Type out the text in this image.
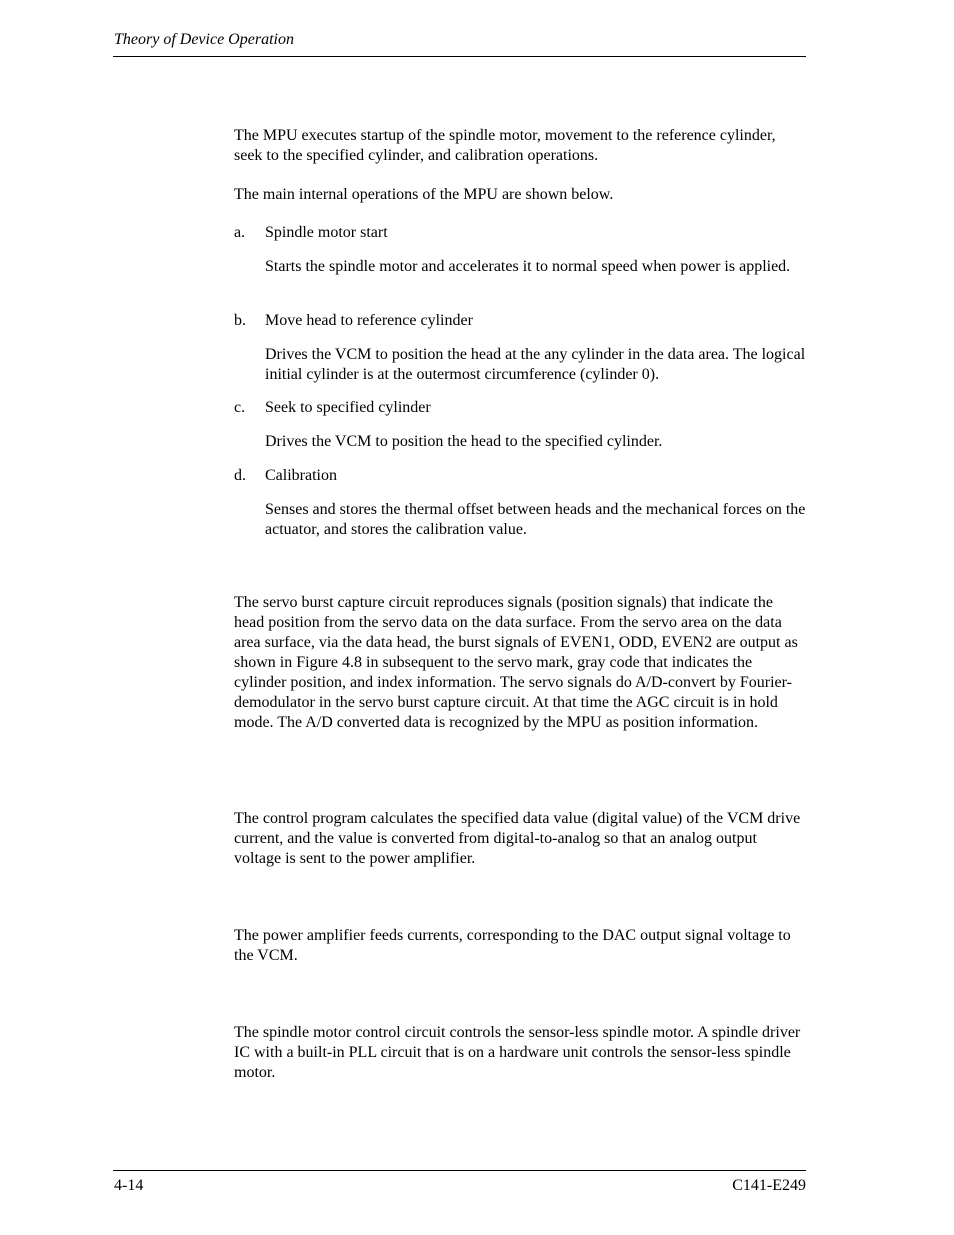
Theory of Device Operation

The MPU executes startup of the spindle motor, movement to the reference cylinder, seek to the specified cylinder, and calibration operations.

The main internal operations of the MPU are shown below.

a. Spindle motor start

Starts the spindle motor and accelerates it to normal speed when power is applied.

b. Move head to reference cylinder

Drives the VCM to position the head at the any cylinder in the data area. The logical initial cylinder is at the outermost circumference (cylinder 0).

c. Seek to specified cylinder

Drives the VCM to position the head to the specified cylinder.

d. Calibration

Senses and stores the thermal offset between heads and the mechanical forces on the actuator, and stores the calibration value.

The servo burst capture circuit reproduces signals (position signals) that indicate the head position from the servo data on the data surface. From the servo area on the data area surface, via the data head, the burst signals of EVEN1, ODD, EVEN2 are output as shown in Figure 4.8 in subsequent to the servo mark, gray code that indicates the cylinder position, and index information. The servo signals do A/D-convert by Fourier-demodulator in the servo burst capture circuit. At that time the AGC circuit is in hold mode. The A/D converted data is recognized by the MPU as position information.

The control program calculates the specified data value (digital value) of the VCM drive current, and the value is converted from digital-to-analog so that an analog output voltage is sent to the power amplifier.

The power amplifier feeds currents, corresponding to the DAC output signal voltage to the VCM.

The spindle motor control circuit controls the sensor-less spindle motor. A spindle driver IC with a built-in PLL circuit that is on a hardware unit controls the sensor-less spindle motor.

4-14	C141-E249
